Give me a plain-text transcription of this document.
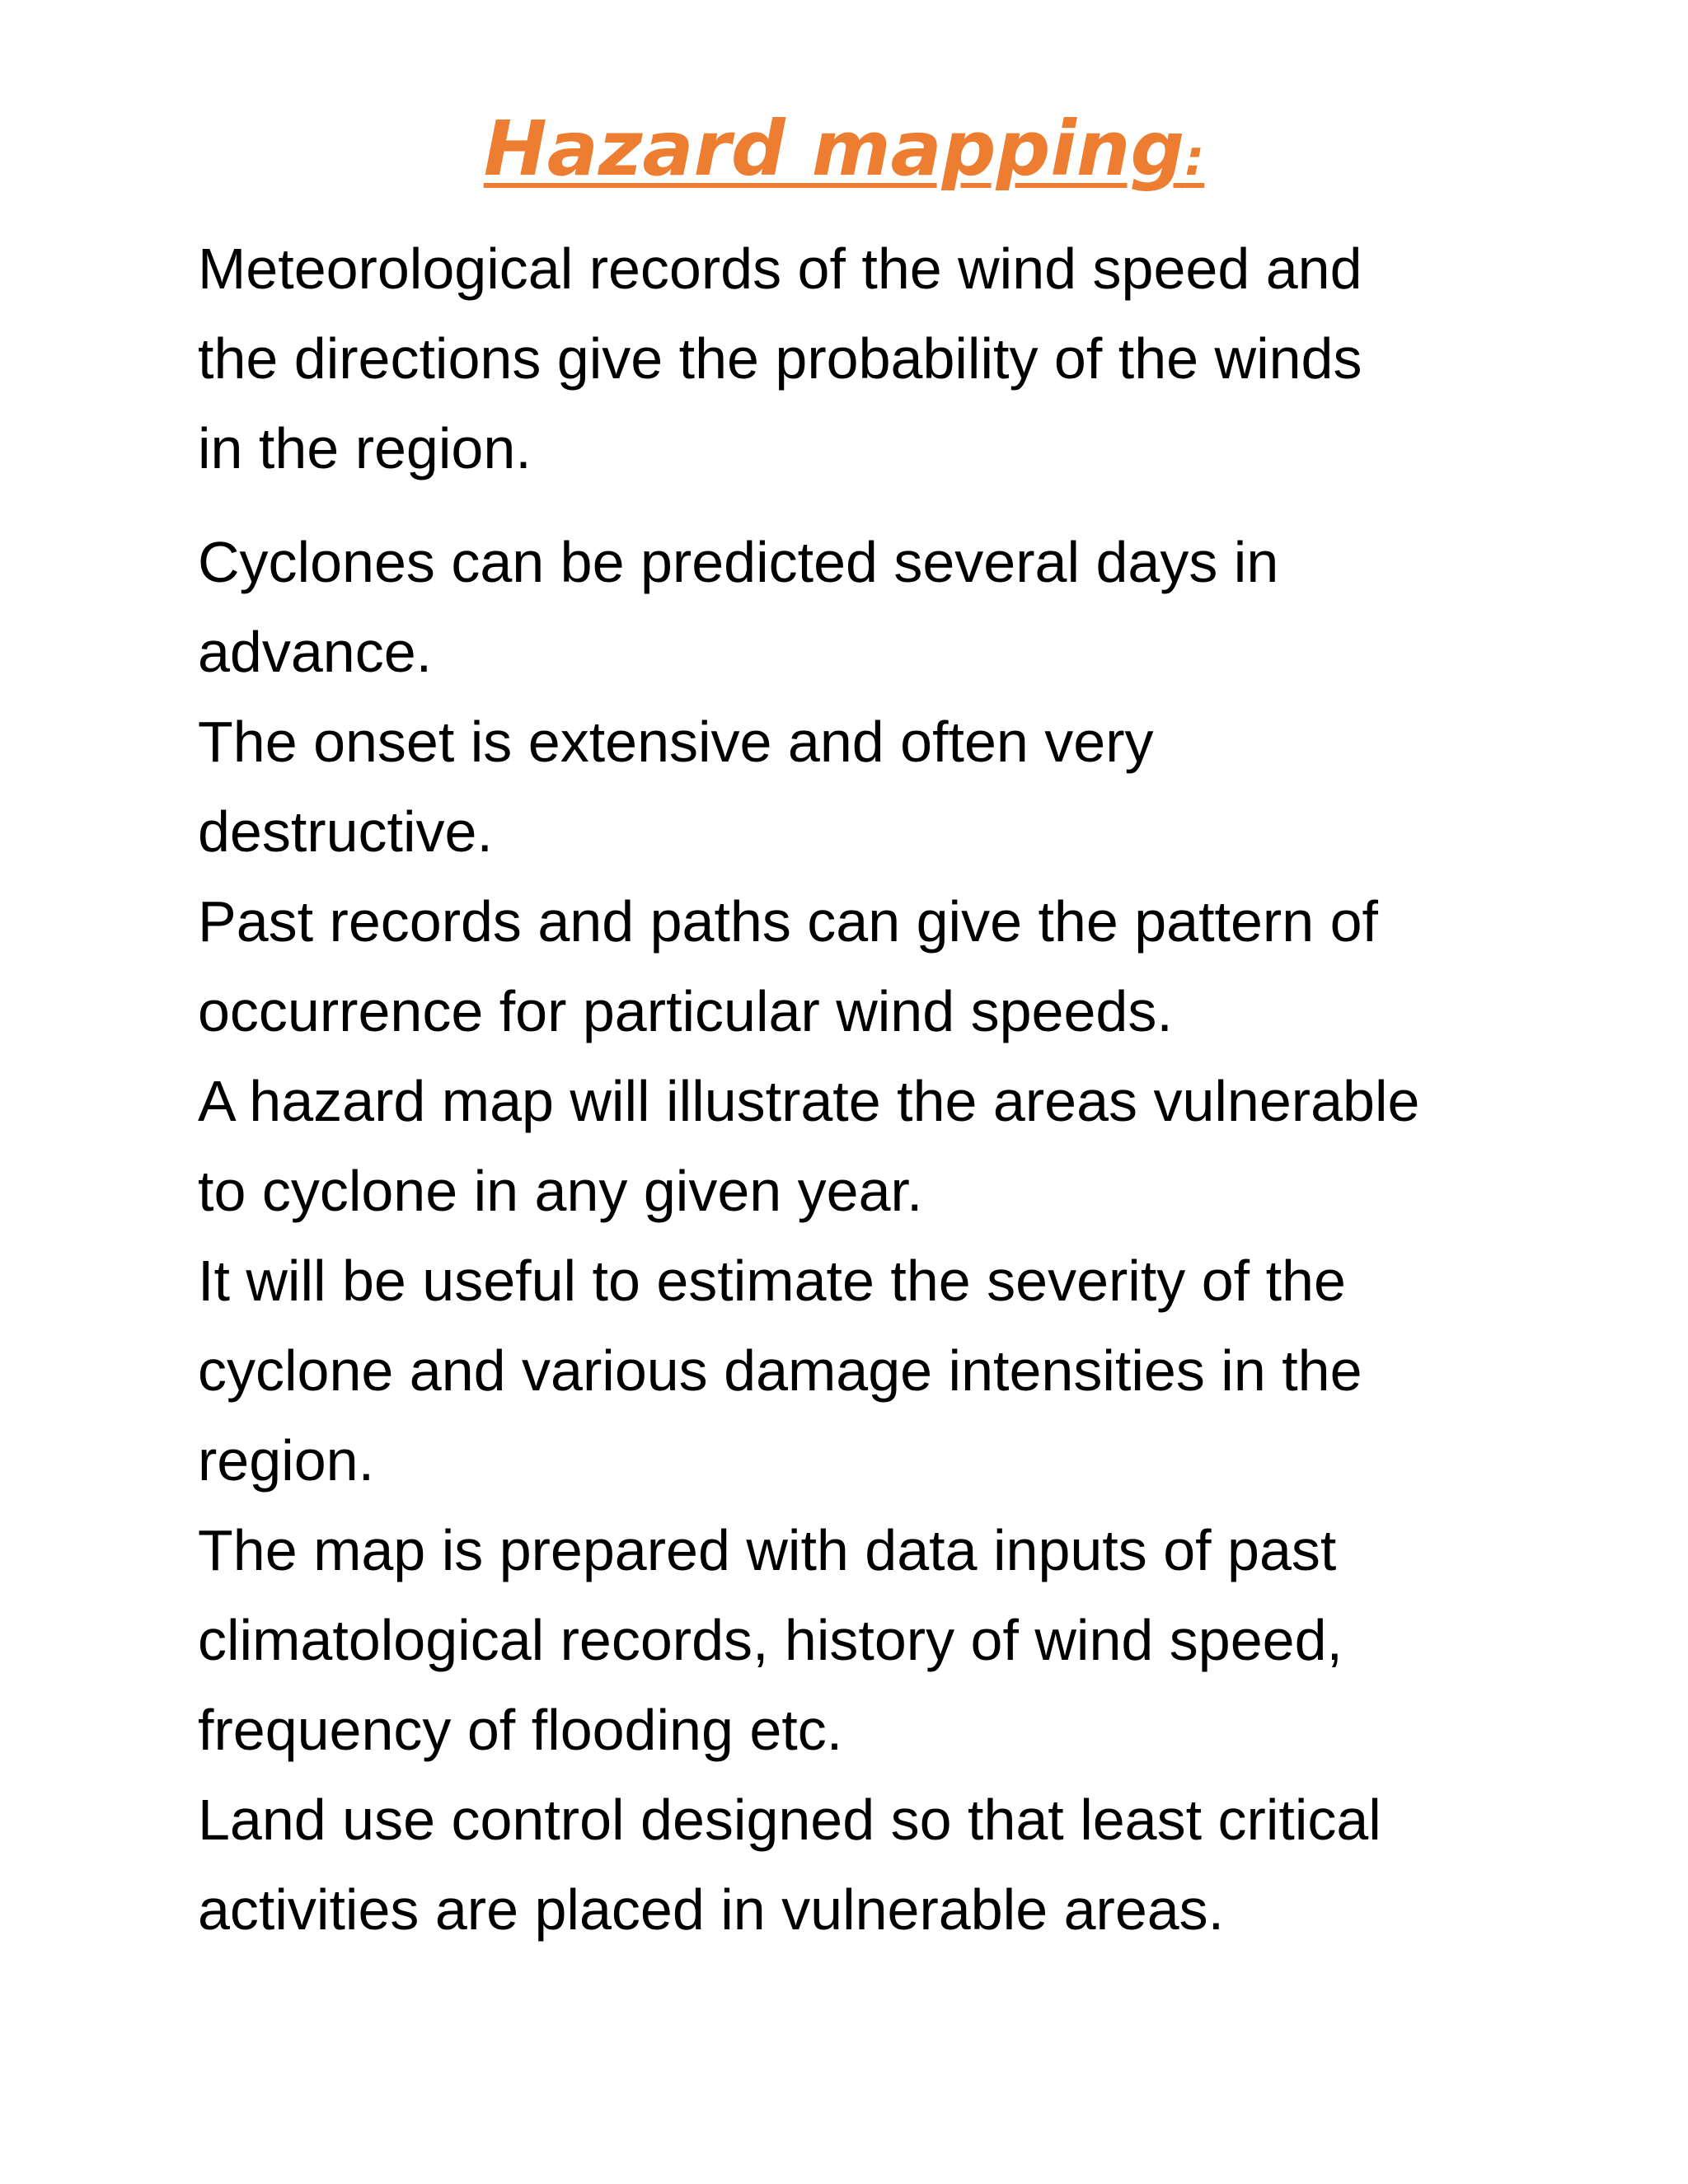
Hazard mapping:
Meteorological records of the wind speed and
the directions give the probability of the winds
in the region.
Cyclones can be predicted several days in
advance.
The onset is extensive and often very
destructive.
Past records and paths can give the pattern of
occurrence for particular wind speeds.
A hazard map will illustrate the areas vulnerable
to cyclone in any given year.
It will be useful to estimate the severity of the
cyclone and various damage intensities in the
region.
The map is prepared with data inputs of past
climatological records, history of wind speed,
frequency of flooding etc.
Land use control designed so that least critical
activities are placed in vulnerable areas.
